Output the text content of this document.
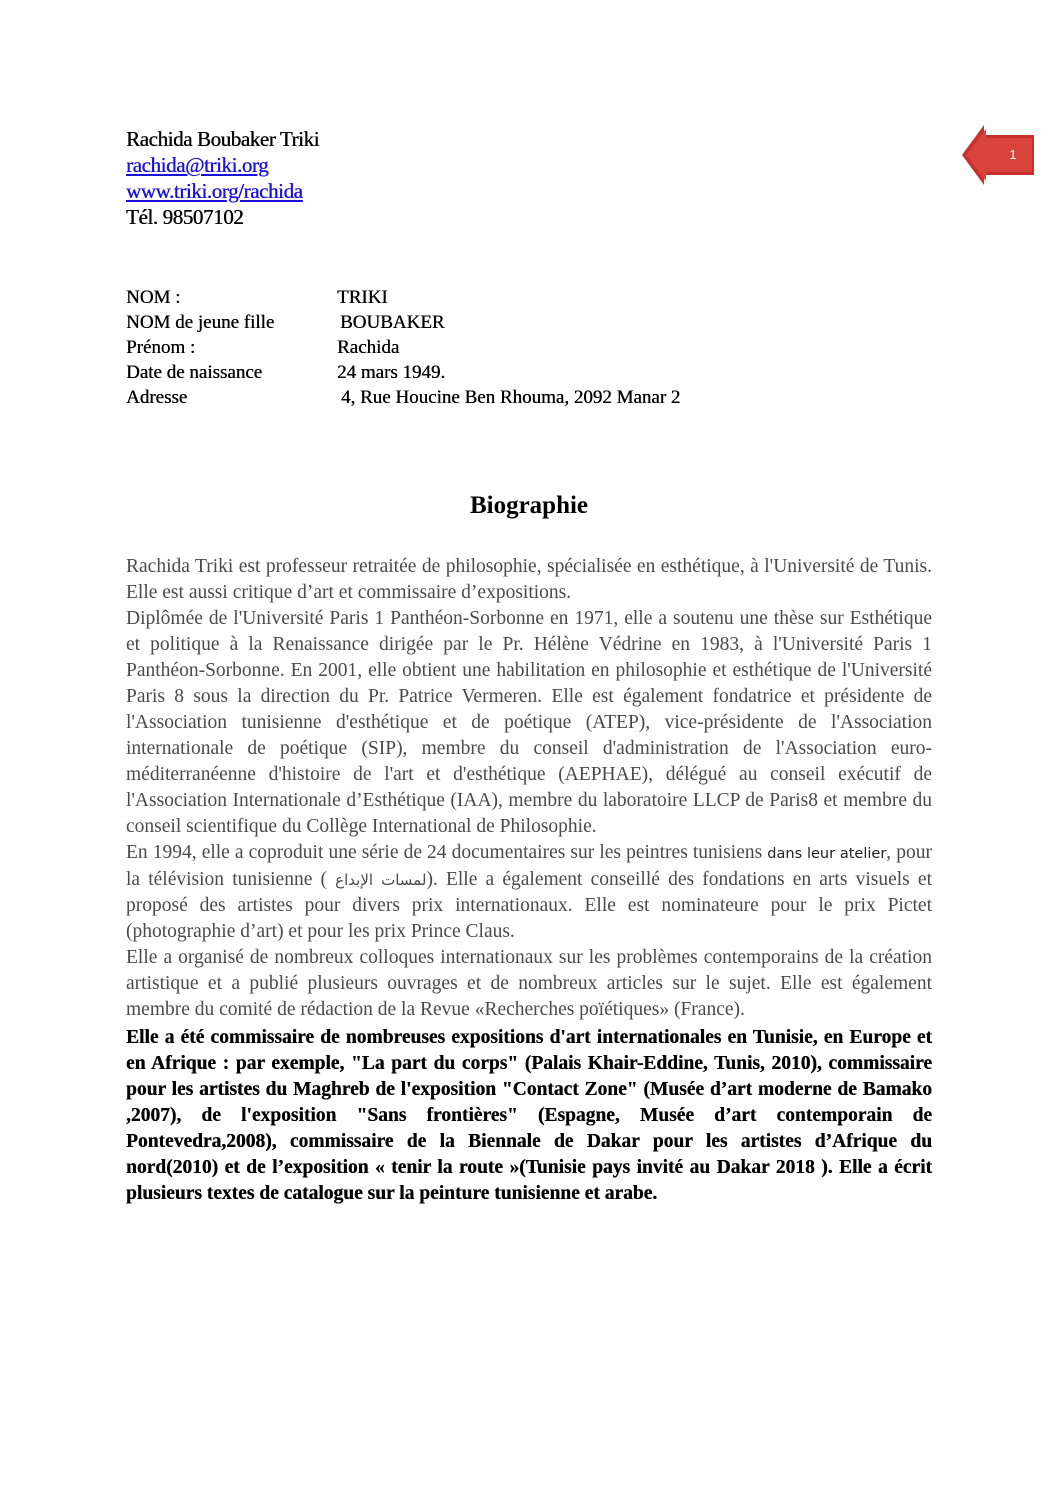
1
Rachida Boubaker Triki
rachida@triki.org
www.triki.org/rachida
Tél. 98507102
NOM :	TRIKI
NOM de jeune fille	BOUBAKER
Prénom :	Rachida
Date de naissance	24 mars 1949.
Adresse	4, Rue Houcine Ben Rhouma, 2092 Manar 2
Biographie

Rachida Triki est professeur retraitée de philosophie, spécialisée en esthétique, à l'Université de Tunis. Elle est aussi critique d’art et commissaire d’expositions.

Diplômée de l'Université Paris 1 Panthéon-Sorbonne en 1971, elle a soutenu une thèse sur Esthétique et politique à la Renaissance dirigée par le Pr. Hélène Védrine en 1983, à l'Université Paris 1 Panthéon-Sorbonne. En 2001, elle obtient une habilitation en philosophie et esthétique de l'Université Paris 8 sous la direction du Pr. Patrice Vermeren. Elle est également fondatrice et présidente de l'Association tunisienne d'esthétique et de poétique (ATEP), vice-présidente de l'Association internationale de poétique (SIP), membre du conseil d'administration de l'Association euro-méditerranéenne d'histoire de l'art et d'esthétique (AEPHAE), délégué au conseil exécutif de l'Association Internationale d’Esthétique (IAA), membre du laboratoire LLCP de Paris8 et membre du conseil scientifique du Collège International de Philosophie.

En 1994, elle a coproduit une série de 24 documentaires sur les peintres tunisiens dans leur atelier, pour la télévision tunisienne ( لمسات الإبداع). Elle a également conseillé des fondations en arts visuels et proposé des artistes pour divers prix internationaux. Elle est nominateure pour le prix Pictet (photographie d’art) et pour les prix Prince Claus.

Elle a organisé de nombreux colloques internationaux sur les problèmes contemporains de la création artistique et a publié plusieurs ouvrages et de nombreux articles sur le sujet. Elle est également membre du comité de rédaction de la Revue «Recherches poïétiques» (France).

Elle a été commissaire de nombreuses expositions d'art internationales en Tunisie, en Europe et en Afrique : par exemple, "La part du corps" (Palais Khair-Eddine, Tunis, 2010), commissaire pour les artistes du Maghreb de l'exposition "Contact Zone" (Musée d’art moderne de Bamako ,2007), de l'exposition "Sans frontières" (Espagne, Musée d’art contemporain de Pontevedra,2008), commissaire de la Biennale de Dakar pour les artistes d’Afrique du nord(2010) et de l’exposition « tenir la route »(Tunisie pays invité au Dakar 2018 ). Elle a écrit plusieurs textes de catalogue sur la peinture tunisienne et arabe.
